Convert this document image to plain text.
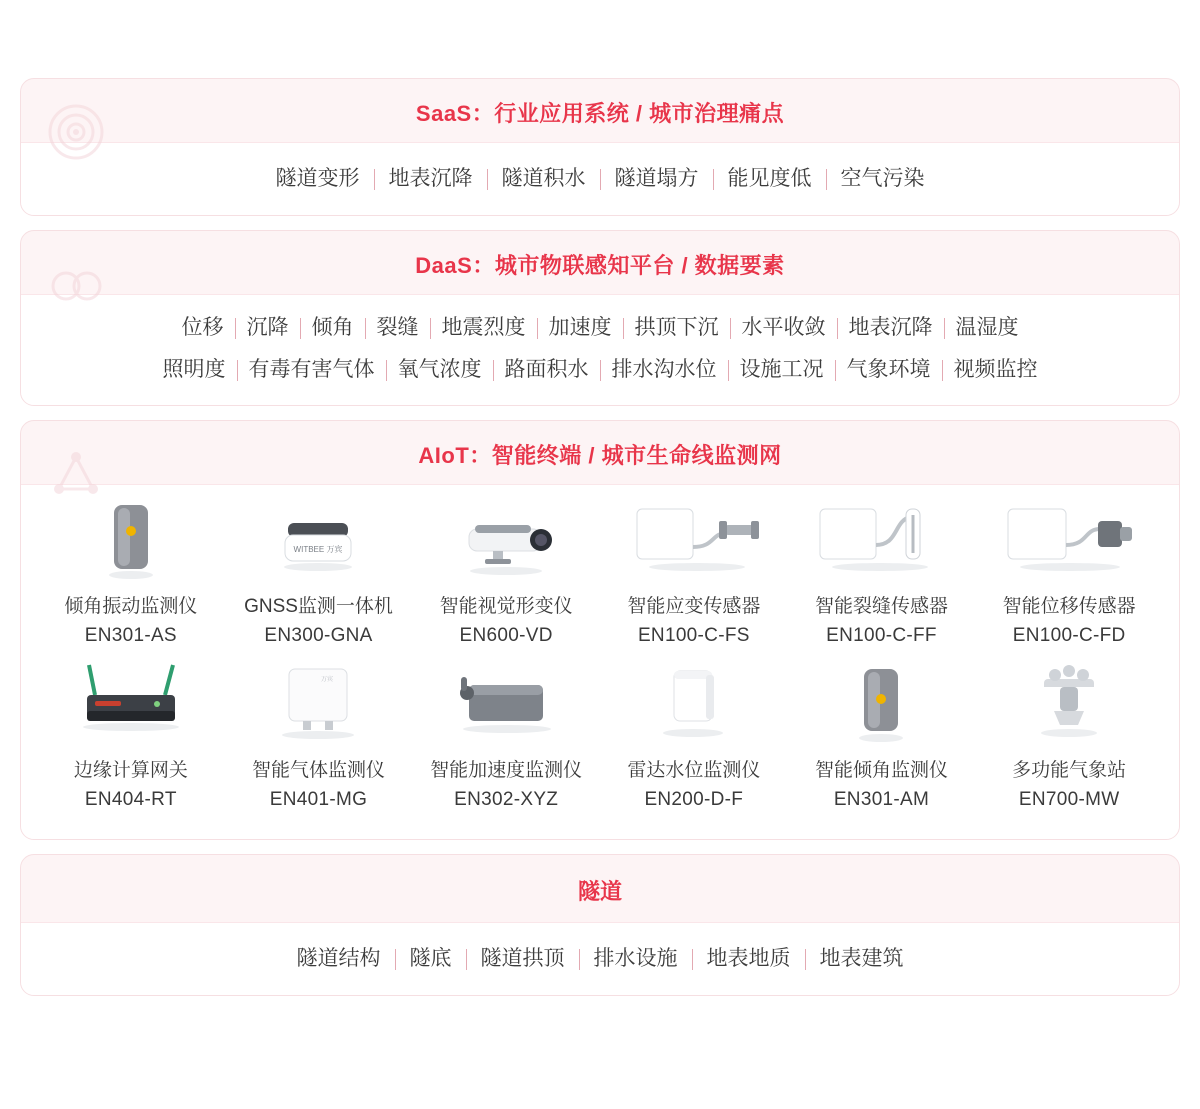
SaaS：行业应用系统 / 城市治理痛点
隧道变形	地表沉降	隧道积水	隧道塌方	能见度低	空气污染
DaaS：城市物联感知平台 / 数据要素
位移	沉降	倾角	裂缝	地震烈度	加速度	拱顶下沉	水平收敛	地表沉降	温湿度
照明度	有毒有害气体	氧气浓度	路面积水	排水沟水位	设施工况	气象环境	视频监控
AIoT：智能终端 / 城市生命线监测网
倾角振动监测仪
EN301-AS
WITBEE 万宾
GNSS监测一体机
EN300-GNA
智能视觉形变仪
EN600-VD
智能应变传感器
EN100-C-FS
智能裂缝传感器
EN100-C-FF
智能位移传感器
EN100-C-FD
边缘计算网关
EN404-RT
万宾
智能气体监测仪
EN401-MG
智能加速度监测仪
EN302-XYZ
雷达水位监测仪
EN200-D-F
智能倾角监测仪
EN301-AM
多功能气象站
EN700-MW
隧道
隧道结构	隧底	隧道拱顶	排水设施	地表地质	地表建筑
